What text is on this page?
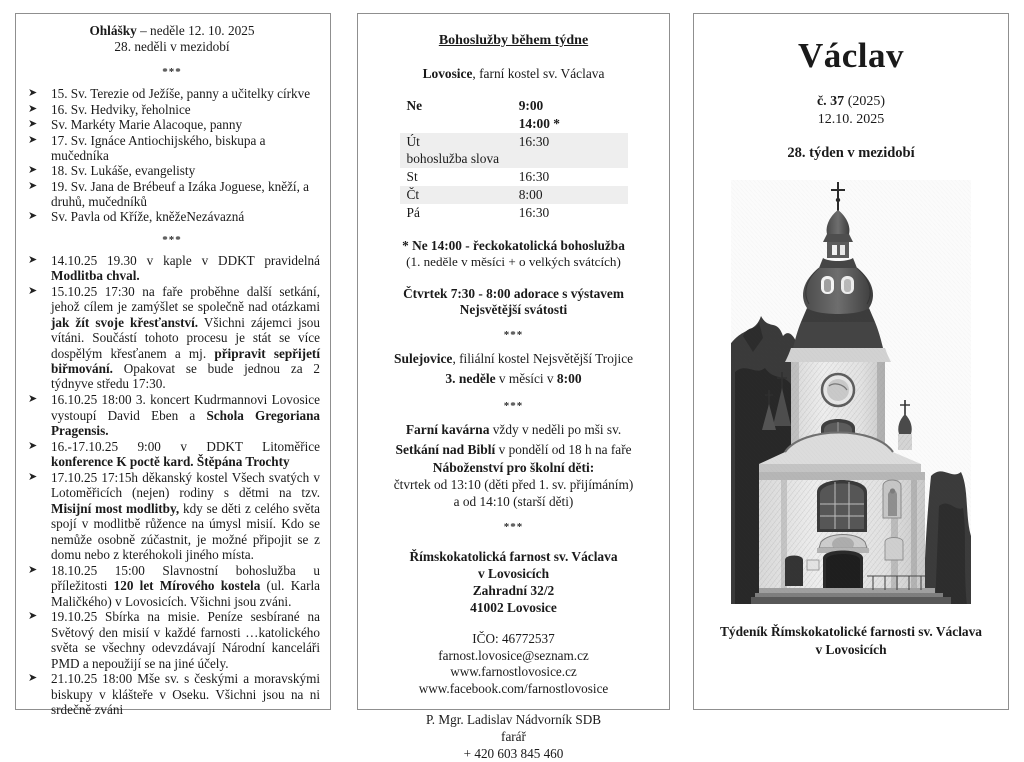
Ohlášky – neděle 12. 10. 2025
28. neděli v mezidobí
***
➤ 15. Sv. Terezie od Ježíše, panny a učitelky církve
➤ 16. Sv. Hedviky, řeholnice
➤ Sv. Markéty Marie Alacoque, panny
➤ 17. Sv. Ignáce Antiochijského, biskupa a mučedníka
➤ 18. Sv. Lukáše, evangelisty
➤ 19. Sv. Jana de Brébeuf a Izáka Joguese, kněží, a druhů, mučedníků
➤ Sv. Pavla od Kříže, kněžeNezávazná
***
➤ 14.10.25 19.30 v kaple v DDKT pravidelná Modlitba chval.
➤ 15.10.25 17:30 na faře proběhne další setkání, jehož cílem je zamýšlet se společně nad otázkami jak žít svoje křesťanství. Všichni zájemci jsou vítáni. Součástí tohoto procesu je stát se více dospělým křesťanem a mj. připravit sepřijetí biřmování. Opakovat se bude jednou za 2 týdnyve středu 17:30.
➤ 16.10.25 18:00 3. koncert Kudrmannovi Lovosice vystoupí David Eben a Schola Gregoriana Pragensis.
➤ 16.-17.10.25 9:00 v DDKT Litoměřice konference K poctě kard. Štěpána Trochty
➤ 17.10.25 17:15h děkanský kostel Všech svatých v Lotoměřicích (nejen) rodiny s dětmi na tzv. Misijní most modlitby, kdy se děti z celého světa spojí v modlitbě růžence na úmysl misií. Kdo se nemůže osobně zúčastnit, je možné připojit se z domu nebo z kteréhokoli jiného místa.
➤ 18.10.25 15:00 Slavnostní bohoslužba u příležitosti 120 let Mírového kostela (ul. Karla Maličkého) v Lovosicích. Všichni jsou zváni.
➤ 19.10.25 Sbírka na misie. Peníze sesbírané na Světový den misií v každé farnosti …katolického světa se všechny odevzdávají Národní kanceláři PMD a nepoužijí se na jiné účely.
➤ 21.10.25 18:00 Mše sv. s českými a moravskými biskupy v klášteře v Oseku. Všichni jsou na ni srdečně zváni
Bohoslužby během týdne
Lovosice, farní kostel sv. Václava
Ne	9:00
	14:00 *
Út	16:30
bohoslužba slova	
St	16:30
Čt	8:00
Pá	16:30
* Ne 14:00 - řeckokatolická bohoslužba
(1. neděle v měsíci + o velkých svátcích)
Čtvrtek 7:30 - 8:00 adorace s výstavem
Nejsvětější svátosti
***
Sulejovice, filiální kostel Nejsvětější Trojice
3. neděle v měsíci v 8:00
***
Farní kavárna vždy v neděli po mši sv.
Setkání nad Biblí v pondělí od 18 h na faře
Náboženství pro školní děti:
čtvrtek od 13:10 (děti před 1. sv. přijímáním)
a od 14:10 (starší děti)
***
Římskokatolická farnost sv. Václava
v Lovosicích
Zahradní 32/2
41002 Lovosice
IČO: 46772537
farnost.lovosice@seznam.cz
www.farnostlovosice.cz
www.facebook.com/farnostlovosice
P. Mgr. Ladislav Nádvorník SDB
farář
+ 420 603 845 460
Václav
č. 37 (2025)
12.10. 2025
28. týden v mezidobí
Týdeník Římskokatolické farnosti sv. Václava
v Lovosicích
